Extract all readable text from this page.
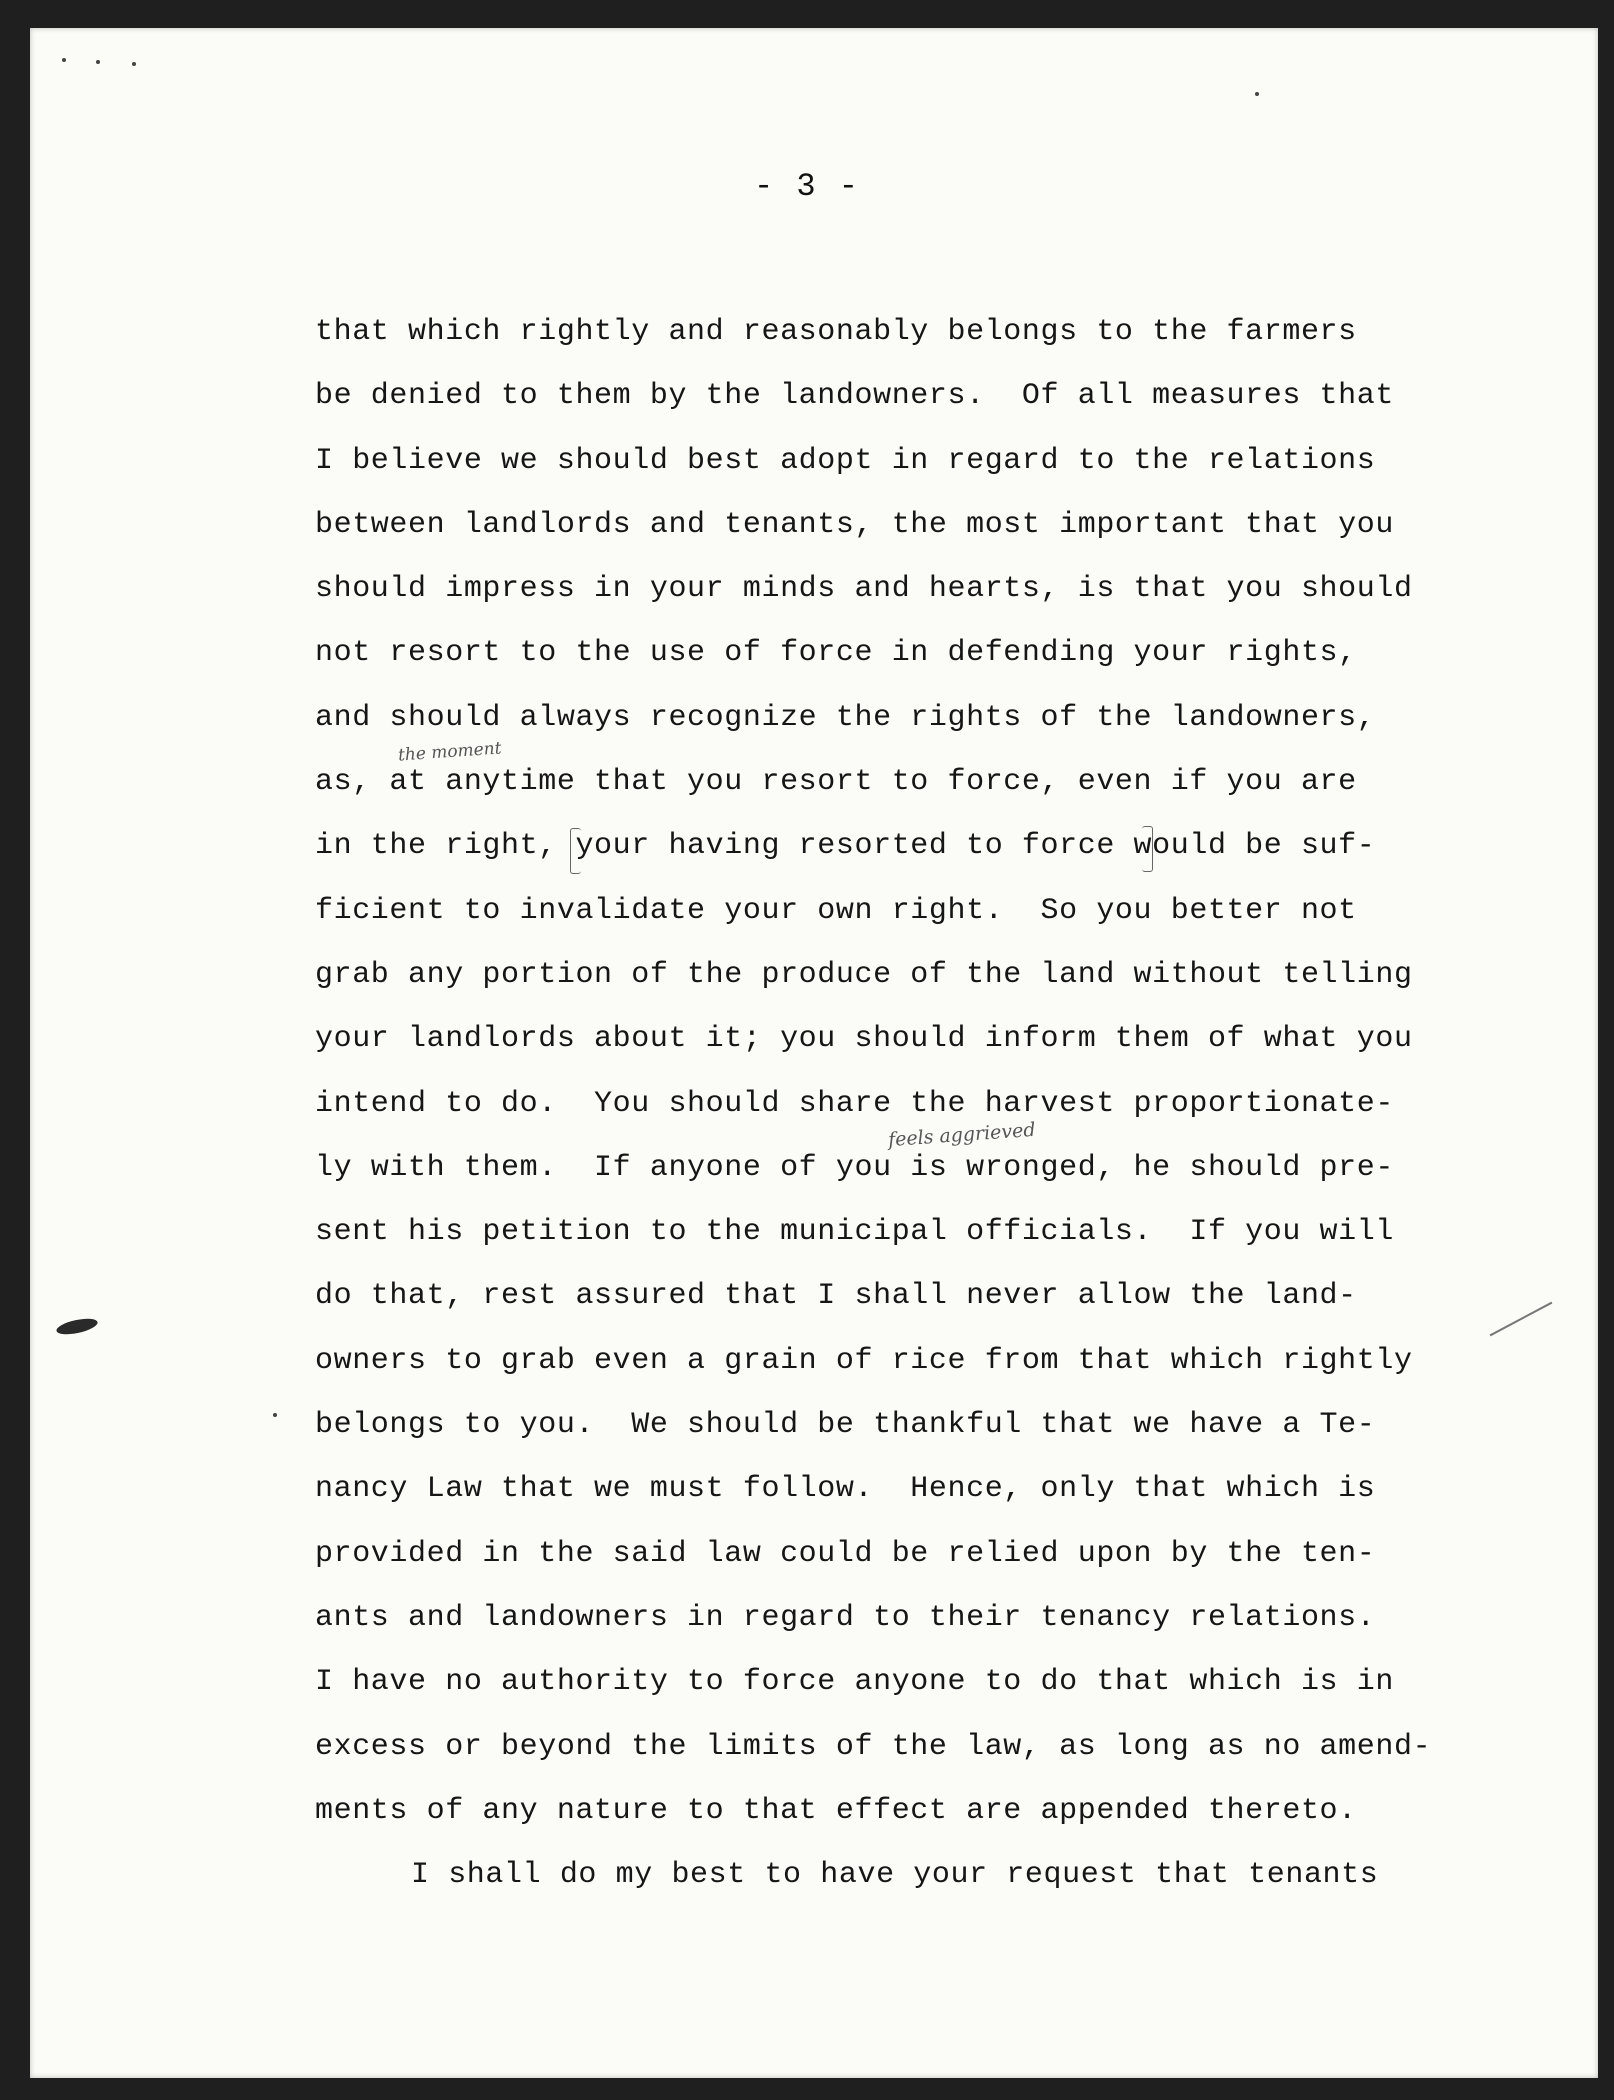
- 3 -
that which rightly and reasonably belongs to the farmers
be denied to them by the landowners.  Of all measures that
I believe we should best adopt in regard to the relations
between landlords and tenants, the most important that you
should impress in your minds and hearts, is that you should
not resort to the use of force in defending your rights,
and should always recognize the rights of the landowners,
as, at anytime that you resort to force, even if you are
in the right, your having resorted to force would be suf-
ficient to invalidate your own right.  So you better not
grab any portion of the produce of the land without telling
your landlords about it; you should inform them of what you
intend to do.  You should share the harvest proportionate-
ly with them.  If anyone of you is wronged, he should pre-
sent his petition to the municipal officials.  If you will
do that, rest assured that I shall never allow the land-
owners to grab even a grain of rice from that which rightly
belongs to you.  We should be thankful that we have a Te-
nancy Law that we must follow.  Hence, only that which is
provided in the said law could be relied upon by the ten-
ants and landowners in regard to their tenancy relations.
I have no authority to force anyone to do that which is in
excess or beyond the limits of the law, as long as no amend-
ments of any nature to that effect are appended thereto.
I shall do my best to have your request that tenants
the moment
feels aggrieved
